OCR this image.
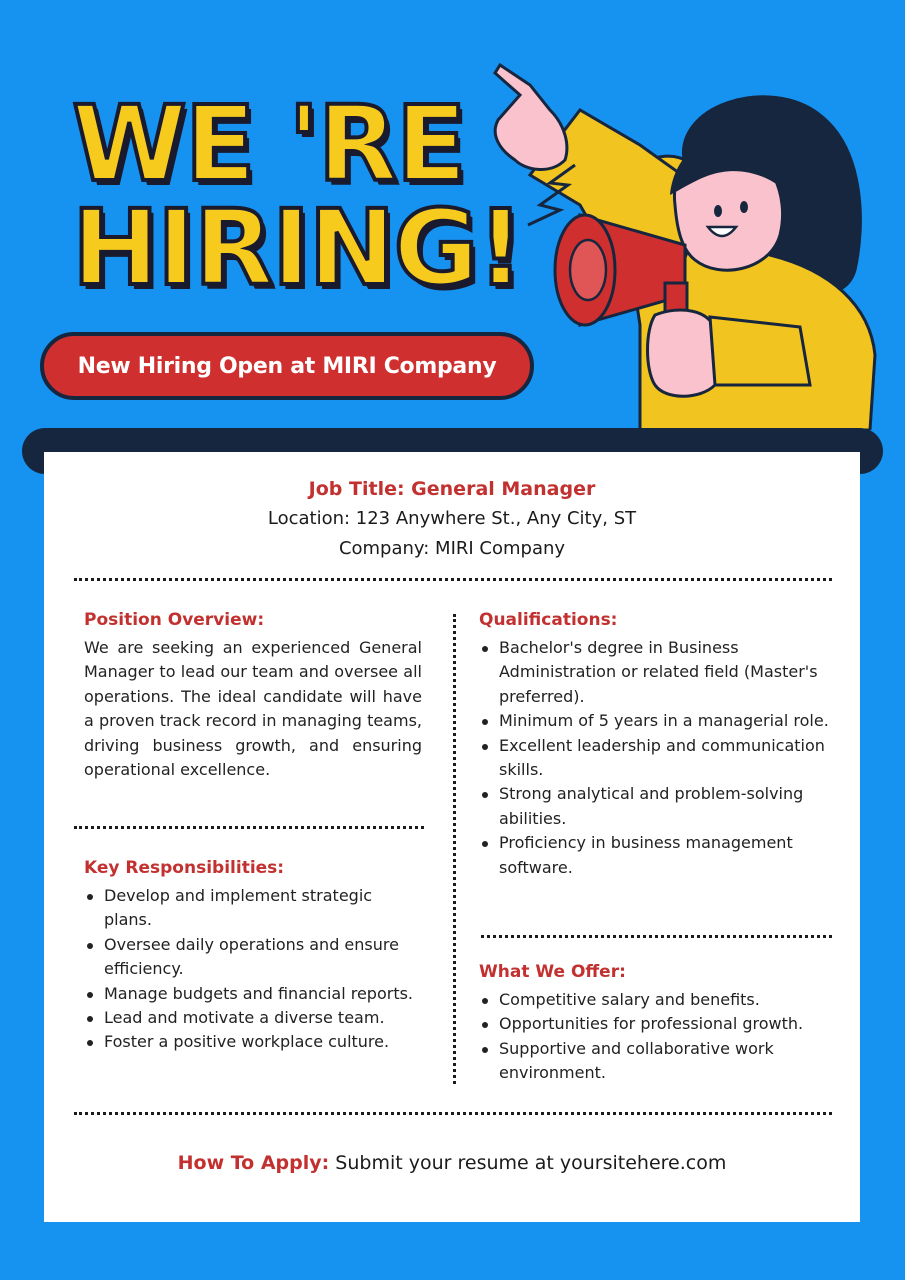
WE 'RE
HIRING!
New Hiring Open at MIRI Company
Job Title: General Manager
Location: 123 Anywhere St., Any City, ST
Company: MIRI Company
Position Overview:

We are seeking an experienced General Manager to lead our team and oversee all operations. The ideal candidate will have a proven track record in managing teams, driving business growth, and ensuring operational excellence.

Key Responsibilities:
Develop and implement strategic plans.
Oversee daily operations and ensure efficiency.
Manage budgets and financial reports.
Lead and motivate a diverse team.
Foster a positive workplace culture.
Qualifications:
Bachelor's degree in Business Administration or related field (Master's preferred).
Minimum of 5 years in a managerial role.
Excellent leadership and communication skills.
Strong analytical and problem-solving abilities.
Proficiency in business management software.
What We Offer:
Competitive salary and benefits.
Opportunities for professional growth.
Supportive and collaborative work environment.
How To Apply: Submit your resume at yoursitehere.com
